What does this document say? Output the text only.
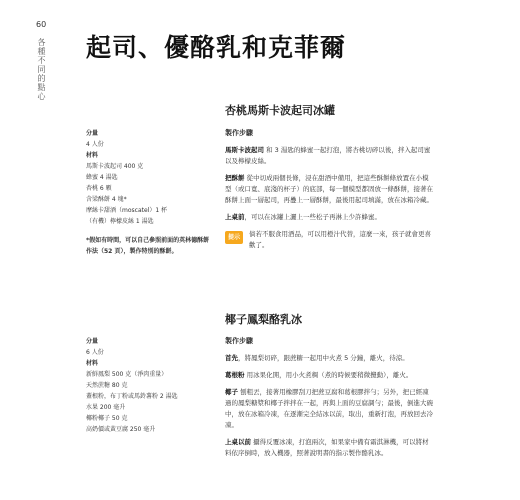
60
各種不同的點心 起司、優酪乳和克菲爾
杏桃馬斯卡波起司冰罐
分量
4 人份
材料
馬斯卡波起司 400 克
蜂蜜 4 湯匙
杏桃 6 顆
含梁酥餅 4 塊*
摩絲卡甜酒（moscatel）1 杯
（有機）檸檬皮絲 1 湯匙
*假如有時間，可以自己參照前面的英林德酥餅作法（52 頁），製作特別的酥餅。
製作步驟

馬斯卡波起司 和 3 湯匙的蜂蜜一起打泡，將杏桃切碎以後，拌入起司蜜以及檸檬皮絲。

把酥餅 從中切成兩個長條，浸在甜酒中備用，把這些酥餅條放置在小模型（或口寬、底淺的杯子）的底部，每一個模型都固放一條酥餅，接著在酥餅上面一層起司，再疊上一層酥餅，最後用起司填滿，放在冰箱冷藏。

上桌前，可以在冰罐上灑上一些松子再淋上少許蜂蜜。

提示	倘若不服食用酒品，可以用橙汁代替，這麼一來，孩子就會更喜歡了。
椰子鳳梨酪乳冰
分量
6 人份
材料
新鮮鳳梨 500 克（淨肉重量）
天然蔗糖 80 克
蓋根粉，布丁粉或馬鈴薯粉 2 湯匙
水果 200 毫升
椰粉椰子 50 克
高奶價或黃豆腐 250 毫升
製作步驟

首先，將鳳梨切碎，跟蔗糖一起用中火煮 5 分鐘，離火，待涼。

葛根粉 用冰果化開，用小火煮稠（煮的時候要稍微攪動），離火。

椰子 刨粗丟，接著用橡膠刮刀把蔗豆腐和葛根膠拌勻；另外，把已經凍過的鳳梨糖漿和椰子拌拌在一起，再與上面的豆腐調勻；最後，倒進大碗中，放在冰箱冷凍，在逐漸完全結冰以前，取出，重新打泡，再放回去冷凍。

上桌以前 攝得反覆冰凍，打泡兩次，如果家中備有霜淇淋機，可以將材料依序倒時，放入機器，照著說明書的指示製作酪乳冰。
